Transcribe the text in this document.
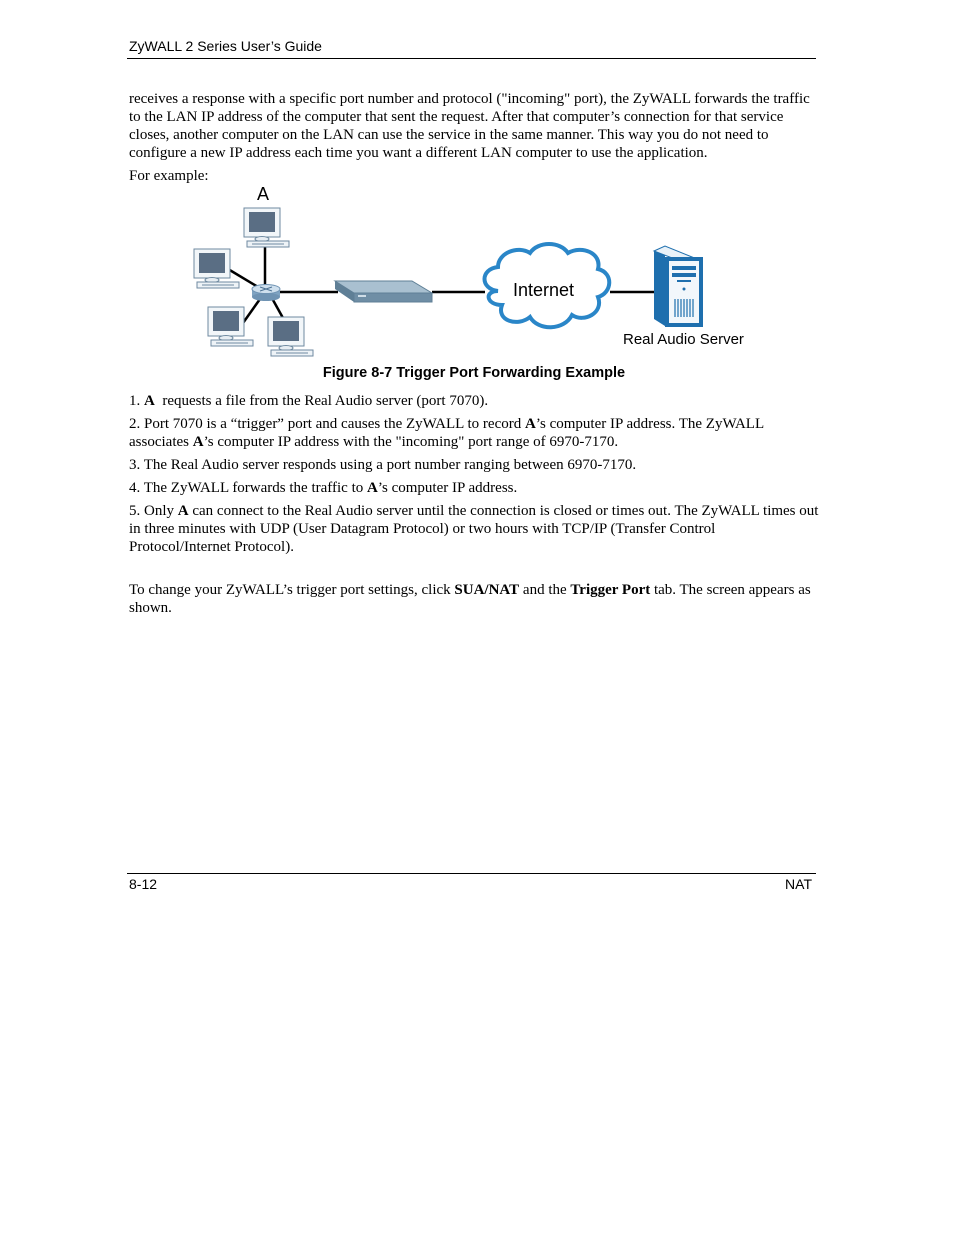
ZyWALL 2 Series User’s Guide

receives a response with a specific port number and protocol ("incoming" port), the ZyWALL forwards the traffic to the LAN IP address of the computer that sent the request. After that computer’s connection for that service closes, another computer on the LAN can use the service in the same manner. This way you do not need to configure a new IP address each time you want a different LAN computer to use the application.

For example:

A
Internet
Real Audio Server
Figure 8-7 Trigger Port Forwarding Example

1. A  requests a file from the Real Audio server (port 7070).

2. Port 7070 is a “trigger” port and causes the ZyWALL to record A’s computer IP address. The ZyWALL associates A’s computer IP address with the "incoming" port range of 6970-7170.

3. The Real Audio server responds using a port number ranging between 6970-7170.

4. The ZyWALL forwards the traffic to A’s computer IP address.

5. Only A can connect to the Real Audio server until the connection is closed or times out. The ZyWALL times out in three minutes with UDP (User Datagram Protocol) or two hours with TCP/IP (Transfer Control Protocol/Internet Protocol).

To change your ZyWALL’s trigger port settings, click SUA/NAT and the Trigger Port tab. The screen appears as shown.

8-12	NAT
